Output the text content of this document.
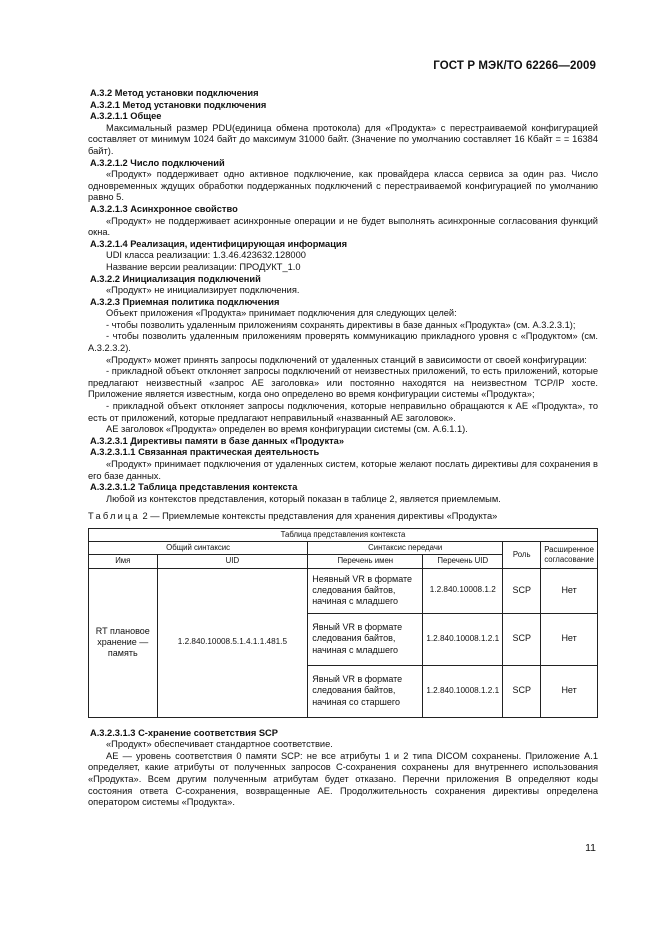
ГОСТ Р МЭК/ТО 62266—2009

А.3.2 Метод установки подключения

А.3.2.1 Метод установки подключения

А.3.2.1.1 Общее

Максимальный размер PDU(единица обмена протокола) для «Продукта» с перестраиваемой конфигурацией составляет от минимум 1024 байт до максимум 31000 байт. (Значение по умолчанию составляет 16 Кбайт = = 16384 байт).

А.3.2.1.2 Число подключений

«Продукт» поддерживает одно активное подключение, как провайдера класса сервиса за один раз. Число одновременных ждущих обработки поддержанных подключений с перестраиваемой конфигурацией по умолчанию равно 5.

А.3.2.1.3 Асинхронное свойство

«Продукт» не поддерживает асинхронные операции и не будет выполнять асинхронные согласования функций окна.

А.3.2.1.4 Реализация, идентифицирующая информация

UDI класса реализации: 1.3.46.423632.128000

Название версии реализации: ПРОДУКТ_1.0

А.3.2.2 Инициализация подключений

«Продукт» не инициализирует подключения.

А.3.2.3 Приемная политика подключения

Объект приложения «Продукта» принимает подключения для следующих целей:

- чтобы позволить удаленным приложениям сохранять директивы в базе данных «Продукта» (см. А.3.2.3.1);

- чтобы позволить удаленным приложениям проверять коммуникацию прикладного уровня с «Продуктом» (см. А.3.2.3.2).

«Продукт» может принять запросы подключений от удаленных станций в зависимости от своей конфигурации:

- прикладной объект отклоняет запросы подключений от неизвестных приложений, то есть приложений, которые предлагают неизвестный «запрос АЕ заголовка» или постоянно находятся на неизвестном TCP/IP хосте. Приложение является известным, когда оно определено во время конфигурации системы «Продукта»;

- прикладной объект отклоняет запросы подключения, которые неправильно обращаются к АЕ «Продукта», то есть от приложений, которые предлагают неправильный «названный АЕ заголовок».

АЕ заголовок «Продукта» определен во время конфигурации системы (см. А.6.1.1).

А.3.2.3.1 Директивы памяти в базе данных «Продукта»

А.3.2.3.1.1 Связанная практическая деятельность

«Продукт» принимает подключения от удаленных систем, которые желают послать директивы для сохранения в его базе данных.

А.3.2.3.1.2 Таблица представления контекста

Любой из контекстов представления, который показан в таблице 2, является приемлемым.

Таблица 2 — Приемлемые контексты представления для хранения директивы «Продукта»

Таблица представления контекста					
Общий синтаксис		Синтаксис передачи		Роль	Расширенное согласование
Имя	UID	Перечень имен	Перечень UID		
RT плановое хранение — память	1.2.840.10008.5.1.4.1.1.481.5	Неявный VR в формате следования байтов, начиная с младшего	1.2.840.10008.1.2	SCP	Нет
		Явный VR в формате следования байтов, начиная с младшего	1.2.840.10008.1.2.1	SCP	Нет
		Явный VR в формате следования байтов, начиная со старшего	1.2.840.10008.1.2.1	SCP	Нет

А.3.2.3.1.3 С-хранение соответствия SCP

«Продукт» обеспечивает стандартное соответствие.

АЕ — уровень соответствия 0 памяти SCP: не все атрибуты 1 и 2 типа DICOM сохранены. Приложение А.1 определяет, какие атрибуты от полученных запросов С-сохранения сохранены для внутреннего использования «Продукта». Всем другим полученным атрибутам будет отказано. Перечни приложения В определяют коды состояния ответа С-сохранения, возвращенные АЕ. Продолжительность сохранения директивы определена оператором системы «Продукта».

11
